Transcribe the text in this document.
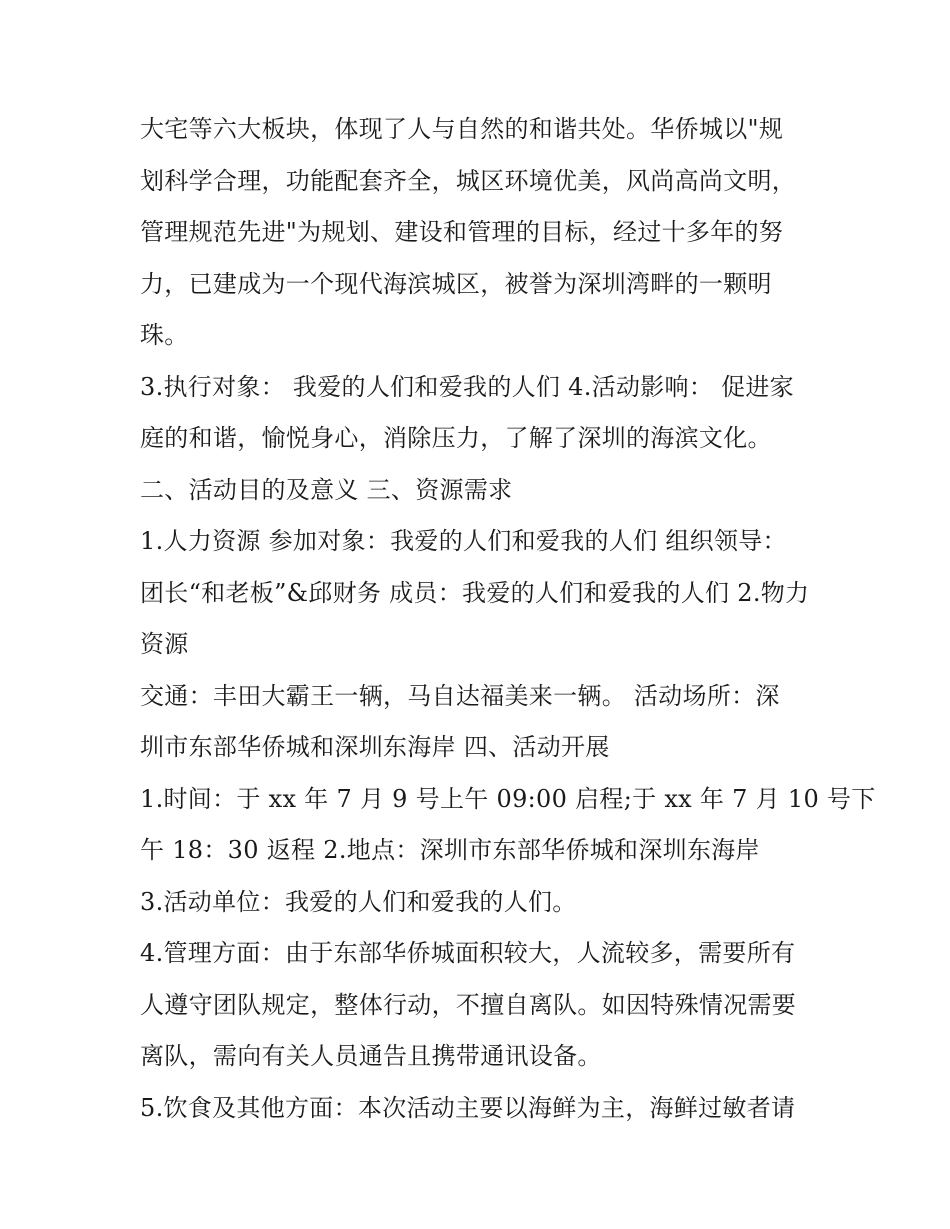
大宅等六大板块，体现了人与自然的和谐共处。华侨城以"规
划科学合理，功能配套齐全，城区环境优美，风尚高尚文明，
管理规范先进"为规划、建设和管理的目标，经过十多年的努
力，已建成为一个现代海滨城区，被誉为深圳湾畔的一颗明
珠。
3.执行对象： 我爱的人们和爱我的人们 4.活动影响： 促进家
庭的和谐，愉悦身心，消除压力，了解了深圳的海滨文化。
二、活动目的及意义 三、资源需求
1.人力资源 参加对象：我爱的人们和爱我的人们 组织领导：
团长“和老板”&邱财务 成员：我爱的人们和爱我的人们 2.物力
资源
交通：丰田大霸王一辆，马自达福美来一辆。 活动场所：深
圳市东部华侨城和深圳东海岸 四、活动开展
1.时间：于 xx 年 7 月 9 号上午 09:00 启程;于 xx 年 7 月 10 号下
午 18：30 返程 2.地点：深圳市东部华侨城和深圳东海岸
3.活动单位：我爱的人们和爱我的人们。
4.管理方面：由于东部华侨城面积较大，人流较多，需要所有
人遵守团队规定，整体行动，不擅自离队。如因特殊情况需要
离队，需向有关人员通告且携带通讯设备。
5.饮食及其他方面：本次活动主要以海鲜为主，海鲜过敏者请
